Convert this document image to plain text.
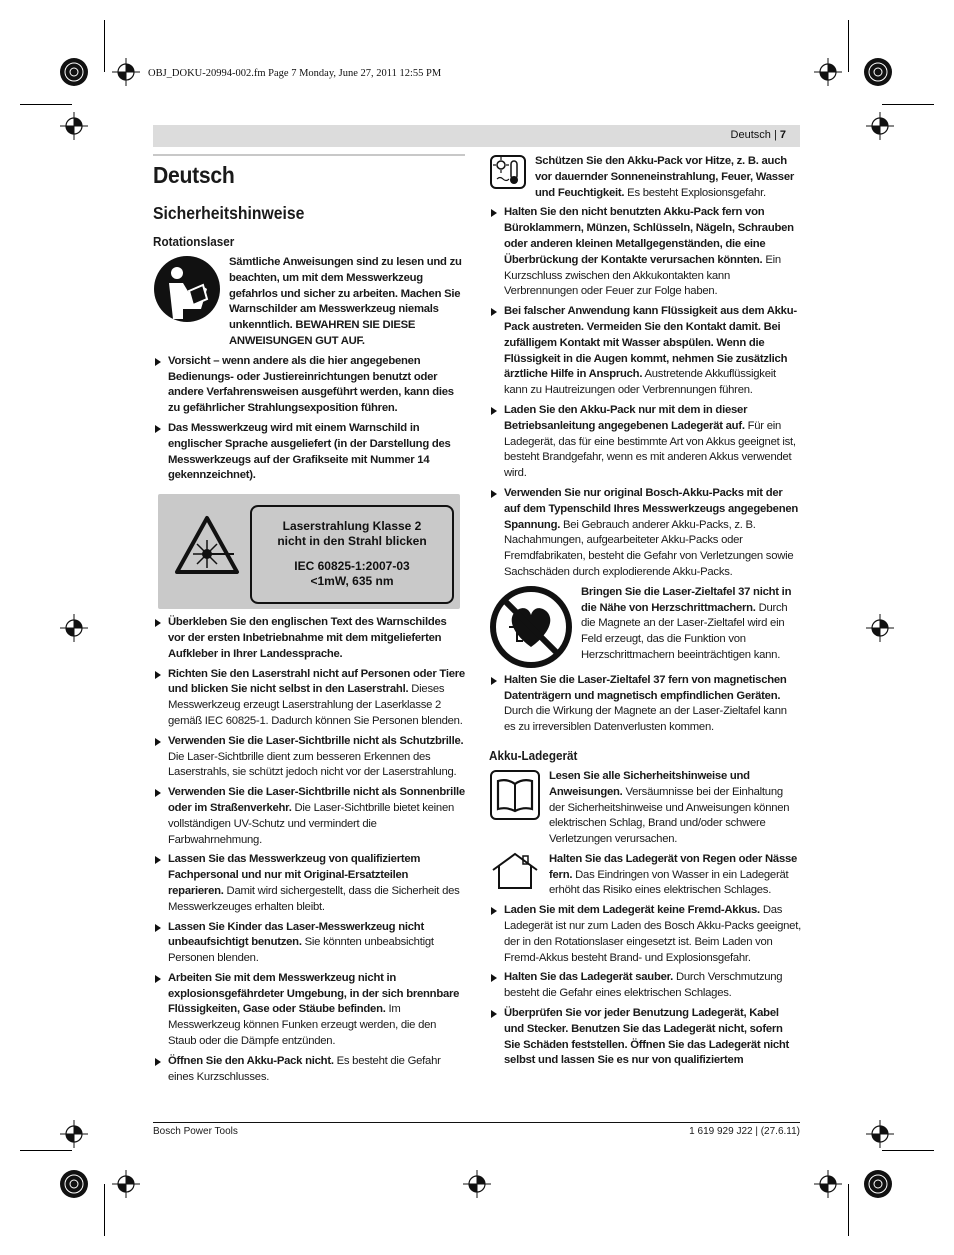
OBJ_DOKU-20994-002.fm Page 7 Monday, June 27, 2011 12:55 PM
Deutsch | 7
Deutsch
Sicherheitshinweise
Rotationslaser
Sämtliche Anweisungen sind zu lesen und zu beachten, um mit dem Messwerkzeug gefahrlos und sicher zu arbeiten. Machen Sie Warnschilder am Messwerkzeug niemals unkenntlich. BEWAHREN SIE DIESE ANWEISUNGEN GUT AUF.
Vorsicht – wenn andere als die hier angegebenen Bedienungs- oder Justiereinrichtungen benutzt oder andere Verfahrensweisen ausgeführt werden, kann dies zu gefährlicher Strahlungsexposition führen.
Das Messwerkzeug wird mit einem Warnschild in englischer Sprache ausgeliefert (in der Darstellung des Messwerkzeugs auf der Grafikseite mit Nummer 14 gekennzeichnet).
Laserstrahlung Klasse 2
nicht in den Strahl blicken
IEC 60825-1:2007-03
<1mW, 635 nm
Überkleben Sie den englischen Text des Warnschildes vor der ersten Inbetriebnahme mit dem mitgelieferten Aufkleber in Ihrer Landessprache.
Richten Sie den Laserstrahl nicht auf Personen oder Tiere und blicken Sie nicht selbst in den Laserstrahl. Dieses Messwerkzeug erzeugt Laserstrahlung der Laserklasse 2 gemäß IEC 60825-1. Dadurch können Sie Personen blenden.
Verwenden Sie die Laser-Sichtbrille nicht als Schutzbrille. Die Laser-Sichtbrille dient zum besseren Erkennen des Laserstrahls, sie schützt jedoch nicht vor der Laserstrahlung.
Verwenden Sie die Laser-Sichtbrille nicht als Sonnenbrille oder im Straßenverkehr. Die Laser-Sichtbrille bietet keinen vollständigen UV-Schutz und vermindert die Farbwahrnehmung.
Lassen Sie das Messwerkzeug von qualifiziertem Fachpersonal und nur mit Original-Ersatzteilen reparieren. Damit wird sichergestellt, dass die Sicherheit des Messwerkzeuges erhalten bleibt.
Lassen Sie Kinder das Laser-Messwerkzeug nicht unbeaufsichtigt benutzen. Sie könnten unbeabsichtigt Personen blenden.
Arbeiten Sie mit dem Messwerkzeug nicht in explosionsgefährdeter Umgebung, in der sich brennbare Flüssigkeiten, Gase oder Stäube befinden. Im Messwerkzeug können Funken erzeugt werden, die den Staub oder die Dämpfe entzünden.
Öffnen Sie den Akku-Pack nicht. Es besteht die Gefahr eines Kurzschlusses.
Schützen Sie den Akku-Pack vor Hitze, z. B. auch vor dauernder Sonneneinstrahlung, Feuer, Wasser und Feuchtigkeit. Es besteht Explosionsgefahr.
Halten Sie den nicht benutzten Akku-Pack fern von Büroklammern, Münzen, Schlüsseln, Nägeln, Schrauben oder anderen kleinen Metallgegenständen, die eine Überbrückung der Kontakte verursachen könnten. Ein Kurzschluss zwischen den Akkukontakten kann Verbrennungen oder Feuer zur Folge haben.
Bei falscher Anwendung kann Flüssigkeit aus dem Akku-Pack austreten. Vermeiden Sie den Kontakt damit. Bei zufälligem Kontakt mit Wasser abspülen. Wenn die Flüssigkeit in die Augen kommt, nehmen Sie zusätzlich ärztliche Hilfe in Anspruch. Austretende Akkuflüssigkeit kann zu Hautreizungen oder Verbrennungen führen.
Laden Sie den Akku-Pack nur mit dem in dieser Betriebsanleitung angegebenen Ladegerät auf. Für ein Ladegerät, das für eine bestimmte Art von Akkus geeignet ist, besteht Brandgefahr, wenn es mit anderen Akkus verwendet wird.
Verwenden Sie nur original Bosch-Akku-Packs mit der auf dem Typenschild Ihres Messwerkzeugs angegebenen Spannung. Bei Gebrauch anderer Akku-Packs, z. B. Nachahmungen, aufgearbeiteter Akku-Packs oder Fremdfabrikaten, besteht die Gefahr von Verletzungen sowie Sachschäden durch explodierende Akku-Packs.
Bringen Sie die Laser-Zieltafel 37 nicht in die Nähe von Herzschrittmachern. Durch die Magnete an der Laser-Zieltafel wird ein Feld erzeugt, das die Funktion von Herzschrittmachern beeinträchtigen kann.
Halten Sie die Laser-Zieltafel 37 fern von magnetischen Datenträgern und magnetisch empfindlichen Geräten. Durch die Wirkung der Magnete an der Laser-Zieltafel kann es zu irreversiblen Datenverlusten kommen.
Akku-Ladegerät
Lesen Sie alle Sicherheitshinweise und Anweisungen. Versäumnisse bei der Einhaltung der Sicherheitshinweise und Anweisungen können elektrischen Schlag, Brand und/oder schwere Verletzungen verursachen.
Halten Sie das Ladegerät von Regen oder Nässe fern. Das Eindringen von Wasser in ein Ladegerät erhöht das Risiko eines elektrischen Schlages.
Laden Sie mit dem Ladegerät keine Fremd-Akkus. Das Ladegerät ist nur zum Laden des Bosch Akku-Packs geeignet, der in den Rotationslaser eingesetzt ist. Beim Laden von Fremd-Akkus besteht Brand- und Explosionsgefahr.
Halten Sie das Ladegerät sauber. Durch Verschmutzung besteht die Gefahr eines elektrischen Schlages.
Überprüfen Sie vor jeder Benutzung Ladegerät, Kabel und Stecker. Benutzen Sie das Ladegerät nicht, sofern Sie Schäden feststellen. Öffnen Sie das Ladegerät nicht selbst und lassen Sie es nur von qualifiziertem
Bosch Power Tools	1 619 929 J22 | (27.6.11)
